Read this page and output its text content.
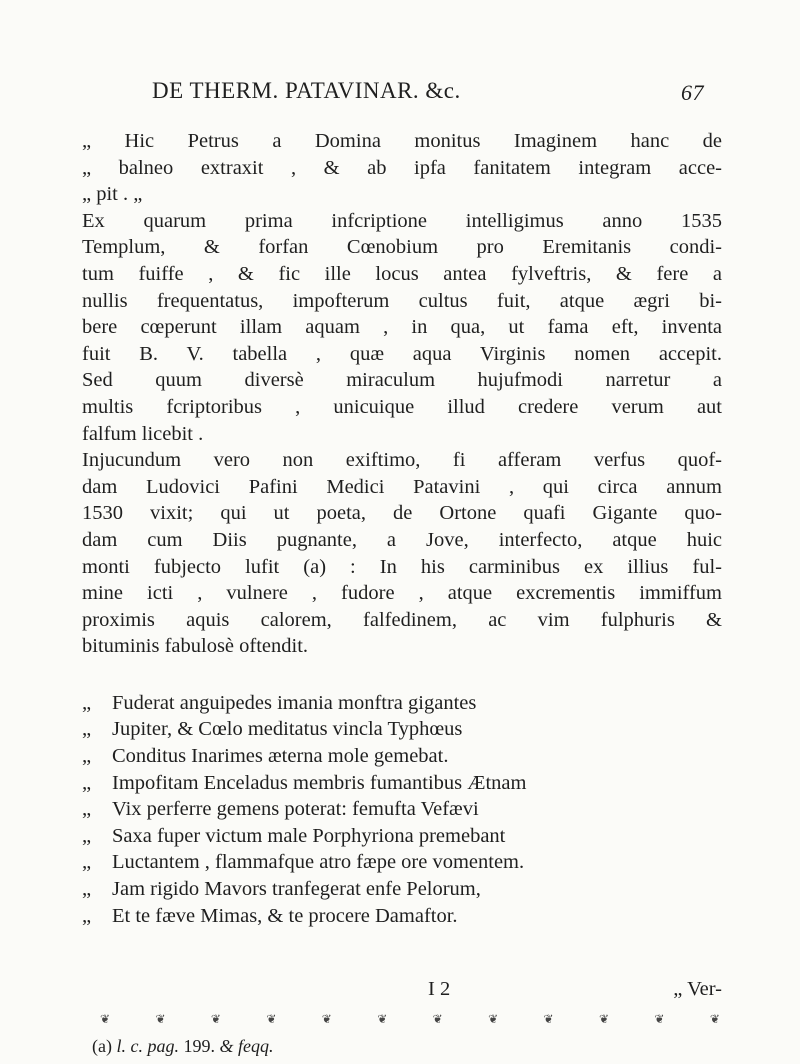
DE THERM. PATAVINAR. &c.	67
„ Hic Petrus a Domina monitus Imaginem hanc de
„ balneo extraxit , & ab ipfa fanitatem integram acce-
„ pit . „
Ex quarum prima infcriptione intelligimus anno 1535
Templum, & forfan Cœnobium pro Eremitanis condi-
tum fuiffe , & fic ille locus antea fylveftris, & fere a
nullis frequentatus, impofterum cultus fuit, atque ægri bi-
bere cœperunt illam aquam , in qua, ut fama eft, inventa
fuit B. V. tabella , quæ aqua Virginis nomen accepit.
Sed quum diversè miraculum hujufmodi narretur a
multis fcriptoribus , unicuique illud credere verum aut
falfum licebit .
Injucundum vero non exiftimo, fi afferam verfus quof-
dam Ludovici Pafini Medici Patavini , qui circa annum
1530 vixit; qui ut poeta, de Ortone quafi Gigante quo-
dam cum Diis pugnante, a Jove, interfecto, atque huic
monti fubjecto lufit (a) : In his carminibus ex illius ful-
mine icti , vulnere , fudore , atque excrementis immiffum
proximis aquis calorem, falfedinem, ac vim fulphuris &
bituminis fabulosè oftendit.
„ Fuderat anguipedes imania monftra gigantes
„ Jupiter, & Cœlo meditatus vincla Typhœus
„ Conditus Inarimes æterna mole gemebat.
„ Impofitam Enceladus membris fumantibus Ætnam
„ Vix perferre gemens poterat: femufta Vefævi
„ Saxa fuper victum male Porphyriona premebant
„ Luctantem , flammafque atro fæpe ore vomentem.
„ Jam rigido Mavors tranfegerat enfe Pelorum,
„ Et te fæve Mimas, & te procere Damaftor.
I 2	„ Ver-
❦	❦	❦	❦	❦	❦	❦	❦	❦	❦	❦	❦
(a) l. c. pag. 199. & feqq.
